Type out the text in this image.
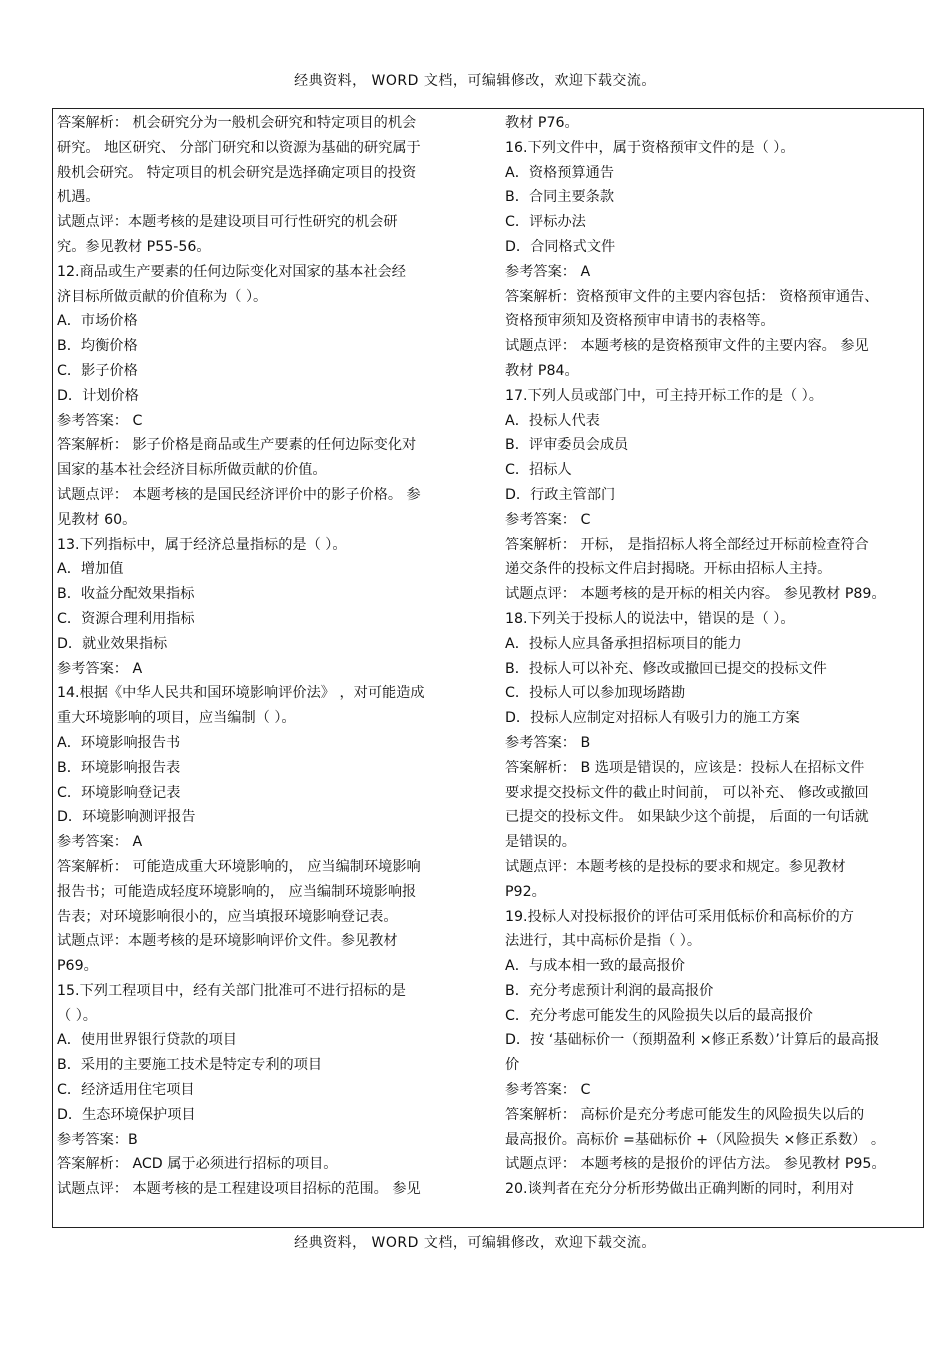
经典资料， WORD 文档，可编辑修改，欢迎下载交流。
答案解析： 机会研究分为一般机会研究和特定项目的机会
研究。 地区研究、 分部门研究和以资源为基础的研究属于
般机会研究。 特定项目的机会研究是选择确定项目的投资
机遇。
试题点评：本题考核的是建设项目可行性研究的机会研
究。参见教材 P55-56。
12.商品或生产要素的任何边际变化对国家的基本社会经
济目标所做贡献的价值称为（ ）。
A．市场价格
B．均衡价格
C．影子价格
D．计划价格
参考答案： C
答案解析： 影子价格是商品或生产要素的任何边际变化对
国家的基本社会经济目标所做贡献的价值。
试题点评： 本题考核的是国民经济评价中的影子价格。 参
见教材 60。
13.下列指标中，属于经济总量指标的是（ ）。
A．增加值
B．收益分配效果指标
C．资源合理利用指标
D．就业效果指标
参考答案： A
14.根据《中华人民共和国环境影响评价法》 ，对可能造成
重大环境影响的项目，应当编制（ ）。
A．环境影响报告书
B．环境影响报告表
C．环境影响登记表
D．环境影响测评报告
参考答案： A
答案解析： 可能造成重大环境影响的， 应当编制环境影响
报告书；可能造成轻度环境影响的， 应当编制环境影响报
告表；对环境影响很小的，应当填报环境影响登记表。
试题点评：本题考核的是环境影响评价文件。参见教材
P69。
15.下列工程项目中，经有关部门批准可不进行招标的是
（ ）。
A．使用世界银行贷款的项目
B．采用的主要施工技术是特定专利的项目
C．经济适用住宅项目
D．生态环境保护项目
参考答案：B
答案解析： ACD 属于必须进行招标的项目。
试题点评： 本题考核的是工程建设项目招标的范围。 参见
教材 P76。
16.下列文件中，属于资格预审文件的是（ ）。
A．资格预算通告
B．合同主要条款
C．评标办法
D．合同格式文件
参考答案： A
答案解析：资格预审文件的主要内容包括： 资格预审通告、
资格预审须知及资格预审申请书的表格等。
试题点评： 本题考核的是资格预审文件的主要内容。 参见
教材 P84。
17.下列人员或部门中，可主持开标工作的是（ ）。
A．投标人代表
B．评审委员会成员
C．招标人
D．行政主管部门
参考答案： C
答案解析： 开标， 是指招标人将全部经过开标前检查符合
递交条件的投标文件启封揭晓。开标由招标人主持。
试题点评： 本题考核的是开标的相关内容。 参见教材 P89。
18.下列关于投标人的说法中，错误的是（ ）。
A．投标人应具备承担招标项目的能力
B．投标人可以补充、修改或撤回已提交的投标文件
C．投标人可以参加现场踏勘
D．投标人应制定对招标人有吸引力的施工方案
参考答案： B
答案解析： B 选项是错误的，应该是：投标人在招标文件
要求提交投标文件的截止时间前， 可以补充、 修改或撤回
已提交的投标文件。 如果缺少这个前提， 后面的一句话就
是错误的。
试题点评：本题考核的是投标的要求和规定。参见教材
P92。
19.投标人对投标报价的评估可采用低标价和高标价的方
法进行，其中高标价是指（ ）。
A．与成本相一致的最高报价
B．充分考虑预计利润的最高报价
C．充分考虑可能发生的风险损失以后的最高报价
D．按 ‘基础标价一（预期盈利 ×修正系数）’计算后的最高报
价
参考答案： C
答案解析： 高标价是充分考虑可能发生的风险损失以后的
最高报价。高标价 =基础标价 +（风险损失 ×修正系数） 。
试题点评： 本题考核的是报价的评估方法。 参见教材 P95。
20.谈判者在充分分析形势做出正确判断的同时，利用对
经典资料， WORD 文档，可编辑修改，欢迎下载交流。
